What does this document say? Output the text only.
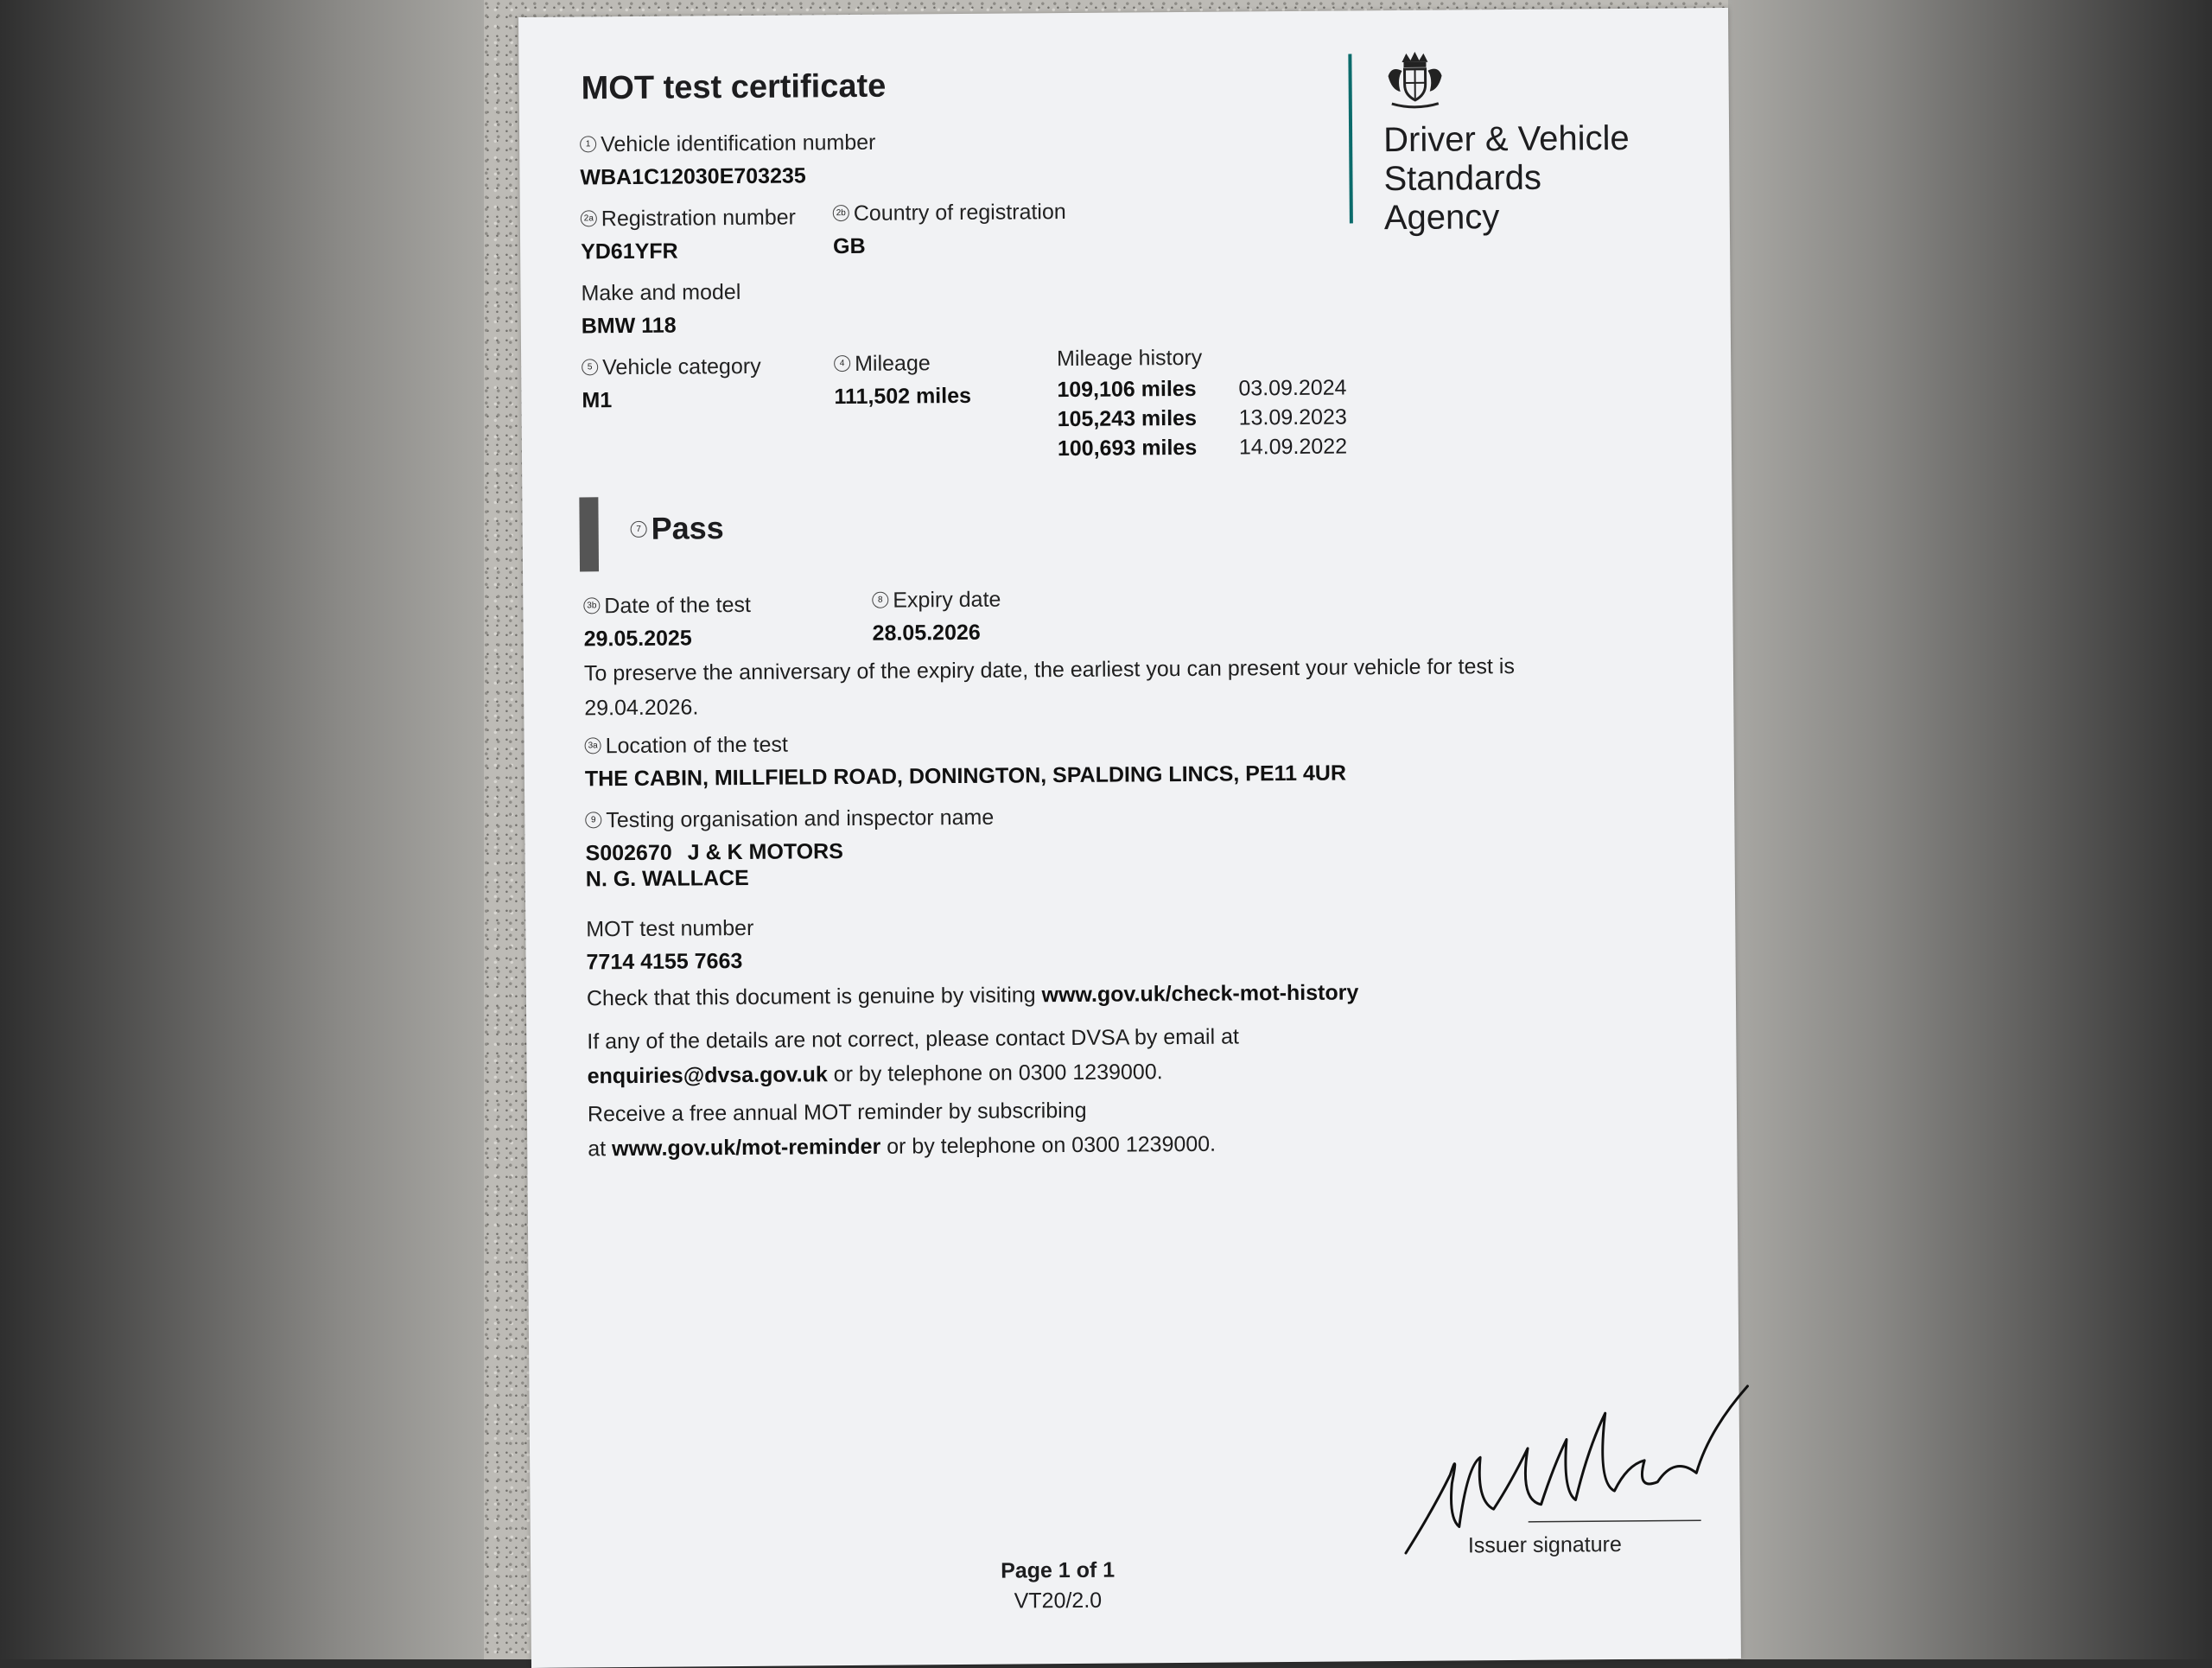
MOT test certificate
Driver & Vehicle
Standards
Agency
1 Vehicle identification number
WBA1C12030E703235
2a Registration number
YD61YFR
2b Country of registration
GB
Make and model
BMW 118
5 Vehicle category
M1
4 Mileage
111,502 miles
Mileage history
109,106 miles 03.09.2024
105,243 miles 13.09.2023
100,693 miles 14.09.2022
7 Pass
3b Date of the test
29.05.2025
8 Expiry date
28.05.2026
To preserve the anniversary of the expiry date, the earliest you can present your vehicle for test is
29.04.2026.
3a Location of the test
THE CABIN, MILLFIELD ROAD, DONINGTON, SPALDING LINCS, PE11 4UR
9 Testing organisation and inspector name
S002670 J & K MOTORS
N. G. WALLACE
MOT test number
7714 4155 7663
Check that this document is genuine by visiting www.gov.uk/check-mot-history
If any of the details are not correct, please contact DVSA by email at
enquiries@dvsa.gov.uk or by telephone on 0300 1239000.
Receive a free annual MOT reminder by subscribing
at www.gov.uk/mot-reminder or by telephone on 0300 1239000.
Issuer signature
Page 1 of 1
VT20/2.0
